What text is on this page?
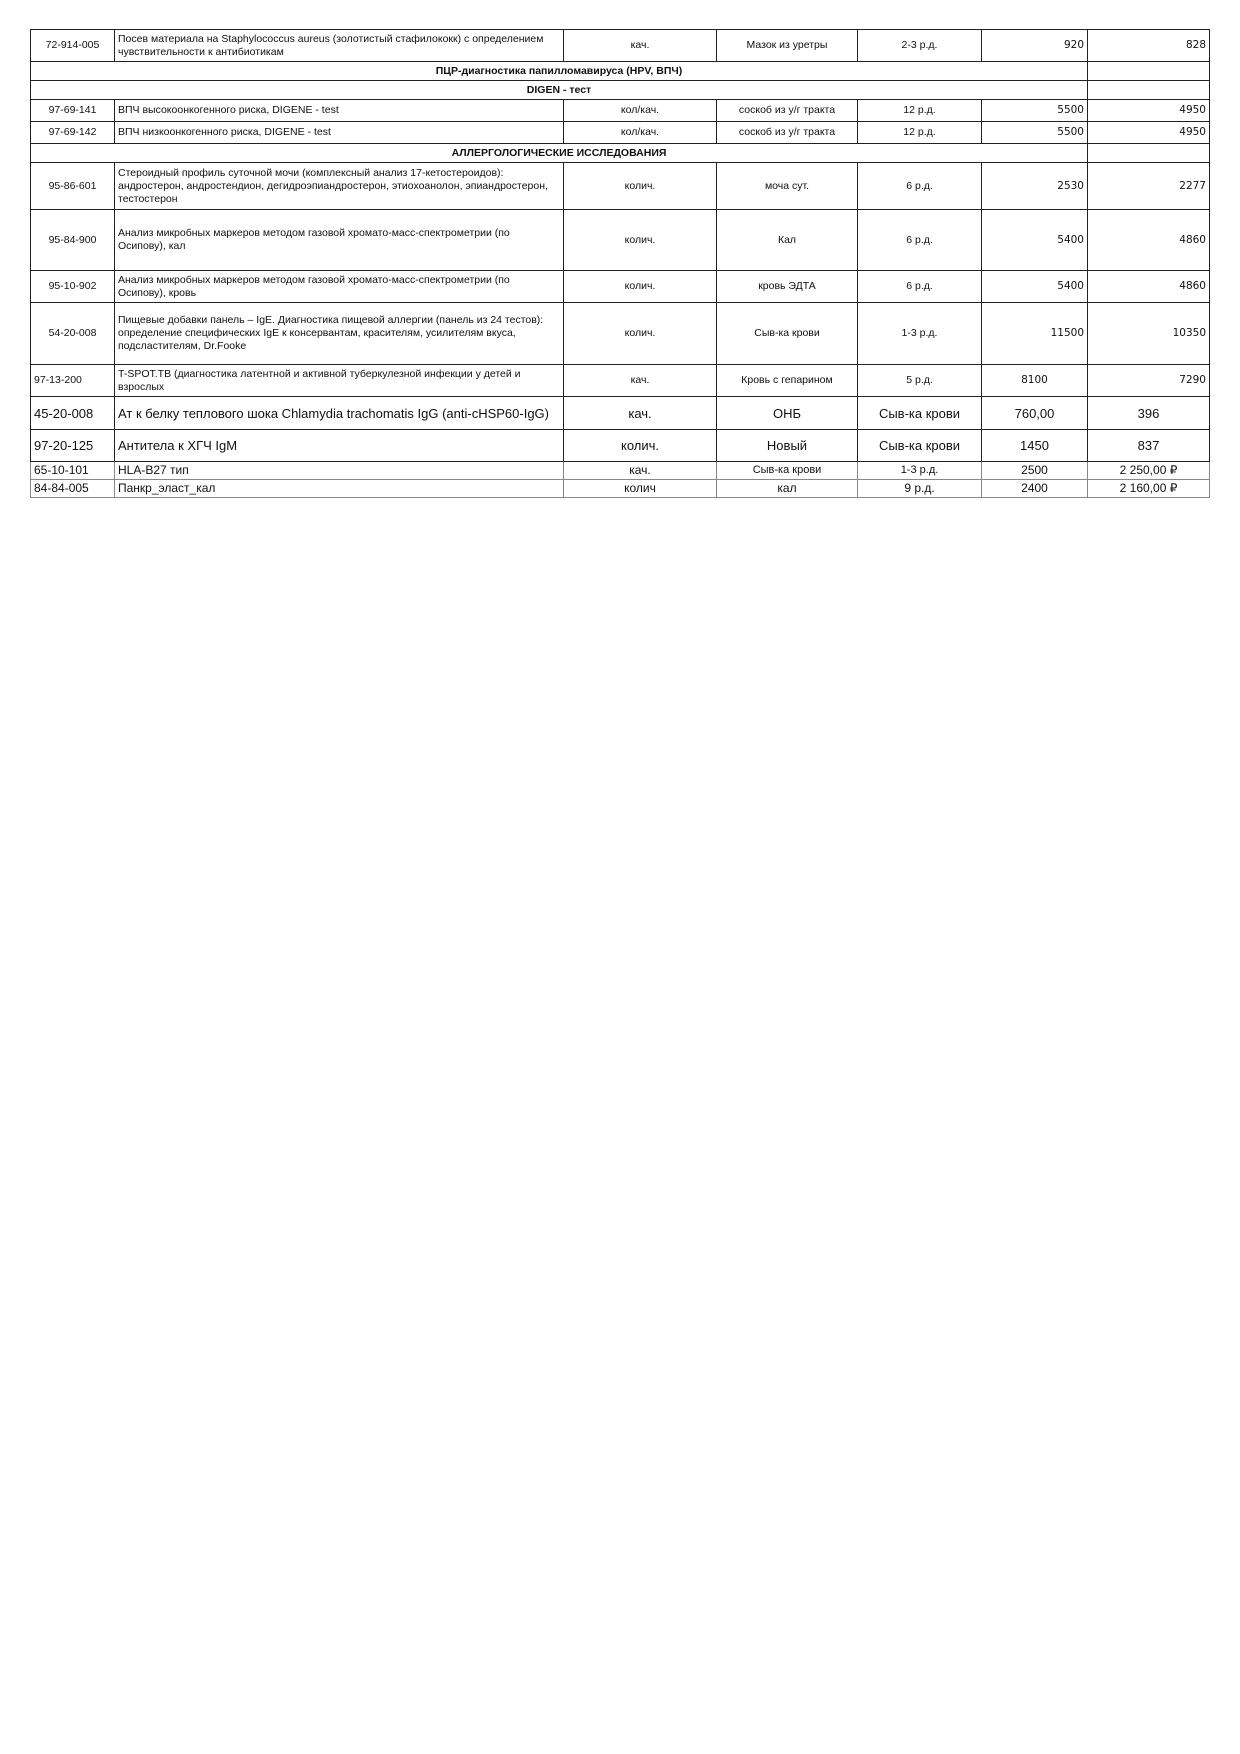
72-914-005	Посев материала на Staphylococcus aureus (золотистый стафилококк) с определением чувствительности к антибиотикам	кач.	Мазок из уретры	2-3 р.д.	920	828
ПЦР-диагностика папилломавируса (HPV, ВПЧ)						
DIGEN - тест						
97-69-141	ВПЧ высокоонкогенного риска, DIGENE - test	кол/кач.	соскоб из у/г тракта	12 р.д.	5500	4950
97-69-142	ВПЧ низкоонкогенного риска, DIGENE - test	кол/кач.	соскоб из у/г тракта	12 р.д.	5500	4950
АЛЛЕРГОЛОГИЧЕСКИЕ ИССЛЕДОВАНИЯ						
95-86-601	Стероидный профиль суточной мочи (комплексный анализ 17-кетостероидов): андростерон, андростендион, дегидроэпиандростерон, этиохоанолон, эпиандростерон, тестостерон	колич.	моча сут.	6 р.д.	2530	2277
95-84-900	Анализ микробных маркеров методом газовой хромато-масс-спектрометрии (по Осипову), кал	колич.	Кал	6 р.д.	5400	4860
95-10-902	Анализ микробных маркеров методом газовой хромато-масс-спектрометрии (по Осипову), кровь	колич.	кровь ЭДТА	6 р.д.	5400	4860
54-20-008	Пищевые добавки панель – IgE. Диагностика пищевой аллергии (панель из 24 тестов): определение специфических IgE к консервантам, красителям, усилителям вкуса, подсластителям, Dr.Fooke	колич.	Сыв-ка крови	1-3 р.д.	11500	10350
97-13-200	T-SPOT.TB (диагностика латентной и активной туберкулезной инфекции у детей и взрослых	кач.	Кровь с гепарином	5 р.д.	8100	7290
45-20-008	Ат к белку теплового шока Chlamydia trachomatis IgG (anti-cHSP60-IgG)	кач.	ОНБ	Сыв-ка крови	760,00	396
97-20-125	Антитела к ХГЧ IgM	колич.	Новый	Сыв-ка крови	1450	837
65-10-101	HLA-B27 тип	кач.	Сыв-ка крови	1-3 р.д.	2500	2 250,00 ₽
84-84-005	Панкр_эласт_кал	колич	кал	9 р.д.	2400	2 160,00 ₽
